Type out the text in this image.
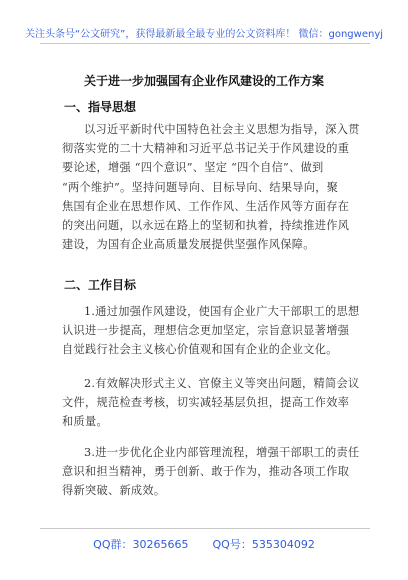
关注头条号“公文研究”，获得最新最全最专业的公文资料库！ 微信：gongwenyj
关于进一步加强国有企业作风建设的工作方案
一、指导思想
以习近平新时代中国特色社会主义思想为指导，深入贯
彻落实党的二十大精神和习近平总书记关于作风建设的重
要论述，增强 “四个意识”、坚定 “四个自信”、做到
“两个维护”。坚持问题导向、目标导向、结果导向，聚
焦国有企业在思想作风、工作作风、生活作风等方面存在
的突出问题，以永远在路上的坚韧和执着，持续推进作风
建设，为国有企业高质量发展提供坚强作风保障。
二、工作目标
1.通过加强作风建设，使国有企业广大干部职工的思想
认识进一步提高，理想信念更加坚定，宗旨意识显著增强
自觉践行社会主义核心价值观和国有企业的企业文化。
2.有效解决形式主义、官僚主义等突出问题，精简会议
文件，规范检查考核，切实减轻基层负担，提高工作效率
和质量。
3.进一步优化企业内部管理流程，增强干部职工的责任
意识和担当精神，勇于创新、敢于作为，推动各项工作取
得新突破、新成效。
QQ群：30265665 QQ号：535304092
